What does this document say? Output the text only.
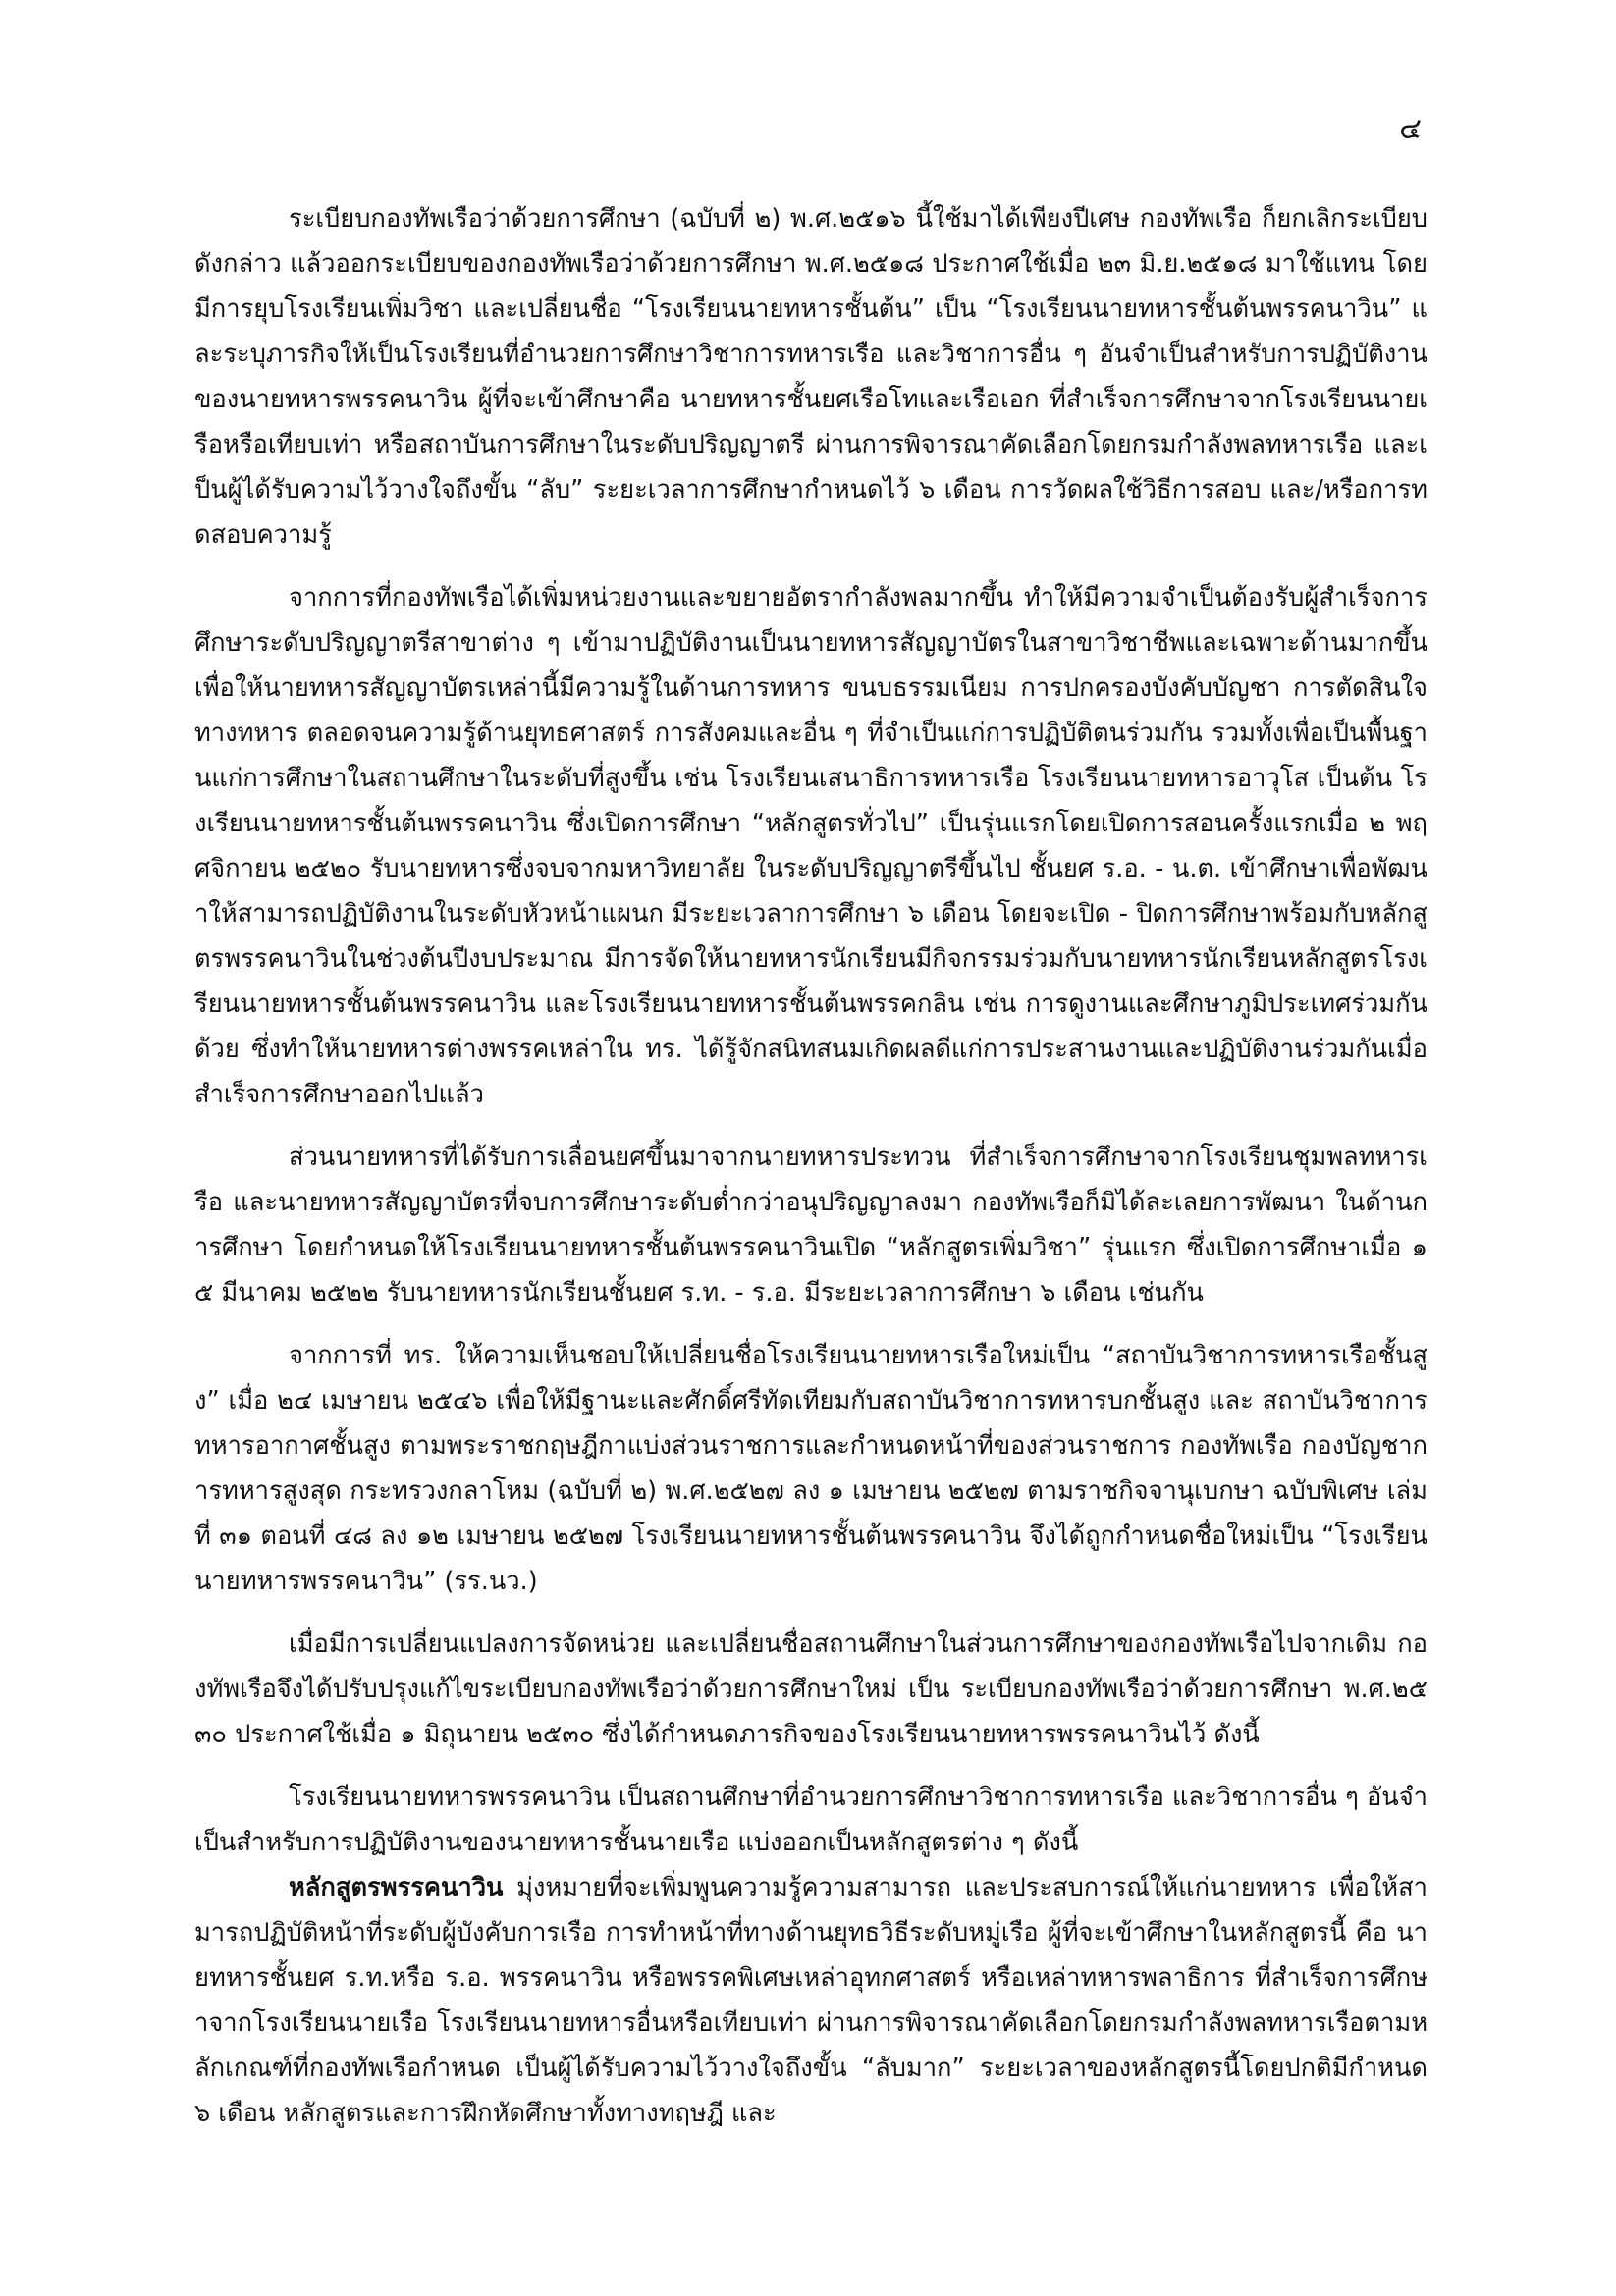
๔

ระเบียบกองทัพเรือว่าด้วยการศึกษา (ฉบับที่ ๒) พ.ศ.๒๕๑๖ นี้ใช้มาได้เพียงปีเศษ กองทัพเรือ ก็ยกเลิกระเบียบดังกล่าว แล้วออกระเบียบของกองทัพเรือว่าด้วยการศึกษา พ.ศ.๒๕๑๘ ประกาศใช้เมื่อ ๒๓ มิ.ย.๒๕๑๘ มาใช้แทน โดยมีการยุบโรงเรียนเพิ่มวิชา และเปลี่ยนชื่อ “โรงเรียนนายทหารชั้นต้น” เป็น “โรงเรียนนายทหารชั้นต้นพรรคนาวิน” และระบุภารกิจให้เป็นโรงเรียนที่อำนวยการศึกษาวิชาการทหารเรือ และวิชาการอื่น ๆ อันจำเป็นสำหรับการปฏิบัติงานของนายทหารพรรคนาวิน ผู้ที่จะเข้าศึกษาคือ นายทหารชั้นยศเรือโทและเรือเอก ที่สำเร็จการศึกษาจากโรงเรียนนายเรือหรือเทียบเท่า หรือสถาบันการศึกษาในระดับปริญญาตรี ผ่านการพิจารณาคัดเลือกโดยกรมกำลังพลทหารเรือ และเป็นผู้ได้รับความไว้วางใจถึงขั้น “ลับ” ระยะเวลาการศึกษากำหนดไว้ ๖ เดือน การวัดผลใช้วิธีการสอบ และ/หรือการทดสอบความรู้

จากการที่กองทัพเรือได้เพิ่มหน่วยงานและขยายอัตรากำลังพลมากขึ้น ทำให้มีความจำเป็นต้องรับผู้สำเร็จการศึกษาระดับปริญญาตรีสาขาต่าง ๆ เข้ามาปฏิบัติงานเป็นนายทหารสัญญาบัตรในสาขาวิชาชีพและเฉพาะด้านมากขึ้น เพื่อให้นายทหารสัญญาบัตรเหล่านี้มีความรู้ในด้านการทหาร ขนบธรรมเนียม การปกครองบังคับบัญชา การตัดสินใจทางทหาร ตลอดจนความรู้ด้านยุทธศาสตร์ การสังคมและอื่น ๆ ที่จำเป็นแก่การปฏิบัติตนร่วมกัน รวมทั้งเพื่อเป็นพื้นฐานแก่การศึกษาในสถานศึกษาในระดับที่สูงขึ้น เช่น โรงเรียนเสนาธิการทหารเรือ โรงเรียนนายทหารอาวุโส เป็นต้น โรงเรียนนายทหารชั้นต้นพรรคนาวิน ซึ่งเปิดการศึกษา “หลักสูตรทั่วไป” เป็นรุ่นแรกโดยเปิดการสอนครั้งแรกเมื่อ ๒ พฤศจิกายน ๒๕๒๐ รับนายทหารซึ่งจบจากมหาวิทยาลัย ในระดับปริญญาตรีขึ้นไป ชั้นยศ ร.อ. - น.ต. เข้าศึกษาเพื่อพัฒนาให้สามารถปฏิบัติงานในระดับหัวหน้าแผนก มีระยะเวลาการศึกษา ๖ เดือน โดยจะเปิด - ปิดการศึกษาพร้อมกับหลักสูตรพรรคนาวินในช่วงต้นปีงบประมาณ มีการจัดให้นายทหารนักเรียนมีกิจกรรมร่วมกับนายทหารนักเรียนหลักสูตรโรงเรียนนายทหารชั้นต้นพรรคนาวิน และโรงเรียนนายทหารชั้นต้นพรรคกลิน เช่น การดูงานและศึกษาภูมิประเทศร่วมกันด้วย ซึ่งทำให้นายทหารต่างพรรคเหล่าใน ทร. ได้รู้จักสนิทสนมเกิดผลดีแก่การประสานงานและปฏิบัติงานร่วมกันเมื่อสำเร็จการศึกษาออกไปแล้ว

ส่วนนายทหารที่ได้รับการเลื่อนยศขึ้นมาจากนายทหารประทวน ที่สำเร็จการศึกษาจากโรงเรียนชุมพลทหารเรือ และนายทหารสัญญาบัตรที่จบการศึกษาระดับต่ำกว่าอนุปริญญาลงมา กองทัพเรือก็มิได้ละเลยการพัฒนา ในด้านการศึกษา โดยกำหนดให้โรงเรียนนายทหารชั้นต้นพรรคนาวินเปิด “หลักสูตรเพิ่มวิชา” รุ่นแรก ซึ่งเปิดการศึกษาเมื่อ ๑๕ มีนาคม ๒๕๒๒ รับนายทหารนักเรียนชั้นยศ ร.ท. - ร.อ. มีระยะเวลาการศึกษา ๖ เดือน เช่นกัน

จากการที่ ทร. ให้ความเห็นชอบให้เปลี่ยนชื่อโรงเรียนนายทหารเรือใหม่เป็น “สถาบันวิชาการทหารเรือชั้นสูง” เมื่อ ๒๔ เมษายน ๒๕๔๖ เพื่อให้มีฐานะและศักดิ์ศรีทัดเทียมกับสถาบันวิชาการทหารบกชั้นสูง และ สถาบันวิชาการทหารอากาศชั้นสูง ตามพระราชกฤษฎีกาแบ่งส่วนราชการและกำหนดหน้าที่ของส่วนราชการ กองทัพเรือ กองบัญชาการทหารสูงสุด กระทรวงกลาโหม (ฉบับที่ ๒) พ.ศ.๒๕๒๗ ลง ๑ เมษายน ๒๕๒๗ ตามราชกิจจานุเบกษา ฉบับพิเศษ เล่มที่ ๓๑ ตอนที่ ๔๘ ลง ๑๒ เมษายน ๒๕๒๗ โรงเรียนนายทหารชั้นต้นพรรคนาวิน จึงได้ถูกกำหนดชื่อใหม่เป็น “โรงเรียนนายทหารพรรคนาวิน” (รร.นว.)

เมื่อมีการเปลี่ยนแปลงการจัดหน่วย และเปลี่ยนชื่อสถานศึกษาในส่วนการศึกษาของกองทัพเรือไปจากเดิม กองทัพเรือจึงได้ปรับปรุงแก้ไขระเบียบกองทัพเรือว่าด้วยการศึกษาใหม่ เป็น ระเบียบกองทัพเรือว่าด้วยการศึกษา พ.ศ.๒๕๓๐ ประกาศใช้เมื่อ ๑ มิถุนายน ๒๕๓๐ ซึ่งได้กำหนดภารกิจของโรงเรียนนายทหารพรรคนาวินไว้ ดังนี้

โรงเรียนนายทหารพรรคนาวิน เป็นสถานศึกษาที่อำนวยการศึกษาวิชาการทหารเรือ และวิชาการอื่น ๆ อันจำเป็นสำหรับการปฏิบัติงานของนายทหารชั้นนายเรือ แบ่งออกเป็นหลักสูตรต่าง ๆ ดังนี้

หลักสูตรพรรคนาวิน มุ่งหมายที่จะเพิ่มพูนความรู้ความสามารถ และประสบการณ์ให้แก่นายทหาร เพื่อให้สามารถปฏิบัติหน้าที่ระดับผู้บังคับการเรือ การทำหน้าที่ทางด้านยุทธวิธีระดับหมู่เรือ ผู้ที่จะเข้าศึกษาในหลักสูตรนี้ คือ นายทหารชั้นยศ ร.ท.หรือ ร.อ. พรรคนาวิน หรือพรรคพิเศษเหล่าอุทกศาสตร์ หรือเหล่าทหารพลาธิการ ที่สำเร็จการศึกษาจากโรงเรียนนายเรือ โรงเรียนนายทหารอื่นหรือเทียบเท่า ผ่านการพิจารณาคัดเลือกโดยกรมกำลังพลทหารเรือตามหลักเกณฑ์ที่กองทัพเรือกำหนด เป็นผู้ได้รับความไว้วางใจถึงขั้น “ลับมาก” ระยะเวลาของหลักสูตรนี้โดยปกติมีกำหนด ๖ เดือน หลักสูตรและการฝึกหัดศึกษาทั้งทางทฤษฎี และ
